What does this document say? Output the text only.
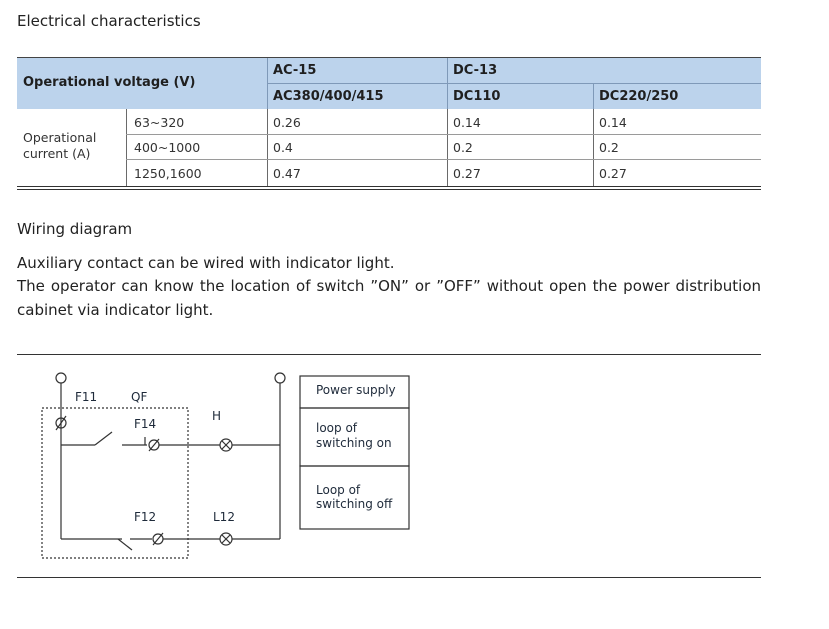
Electrical characteristics
Operational voltage (V)
AC-15	DC-13
AC380/400/415	DC110	DC220/250
Operational
current (A)
63~320	0.26	0.14	0.14
400~1000	0.4	0.2	0.2
1250,1600	0.47	0.27	0.27
Wiring diagram
Auxiliary contact can be wired with indicator light.
The operator can know the location of switch ”ON” or ”OFF” without open the power distribution cabinet via indicator light.
F11	QF
F14
H
F12	L12
Power supply
loop of
switching on
Loop of
switching off
